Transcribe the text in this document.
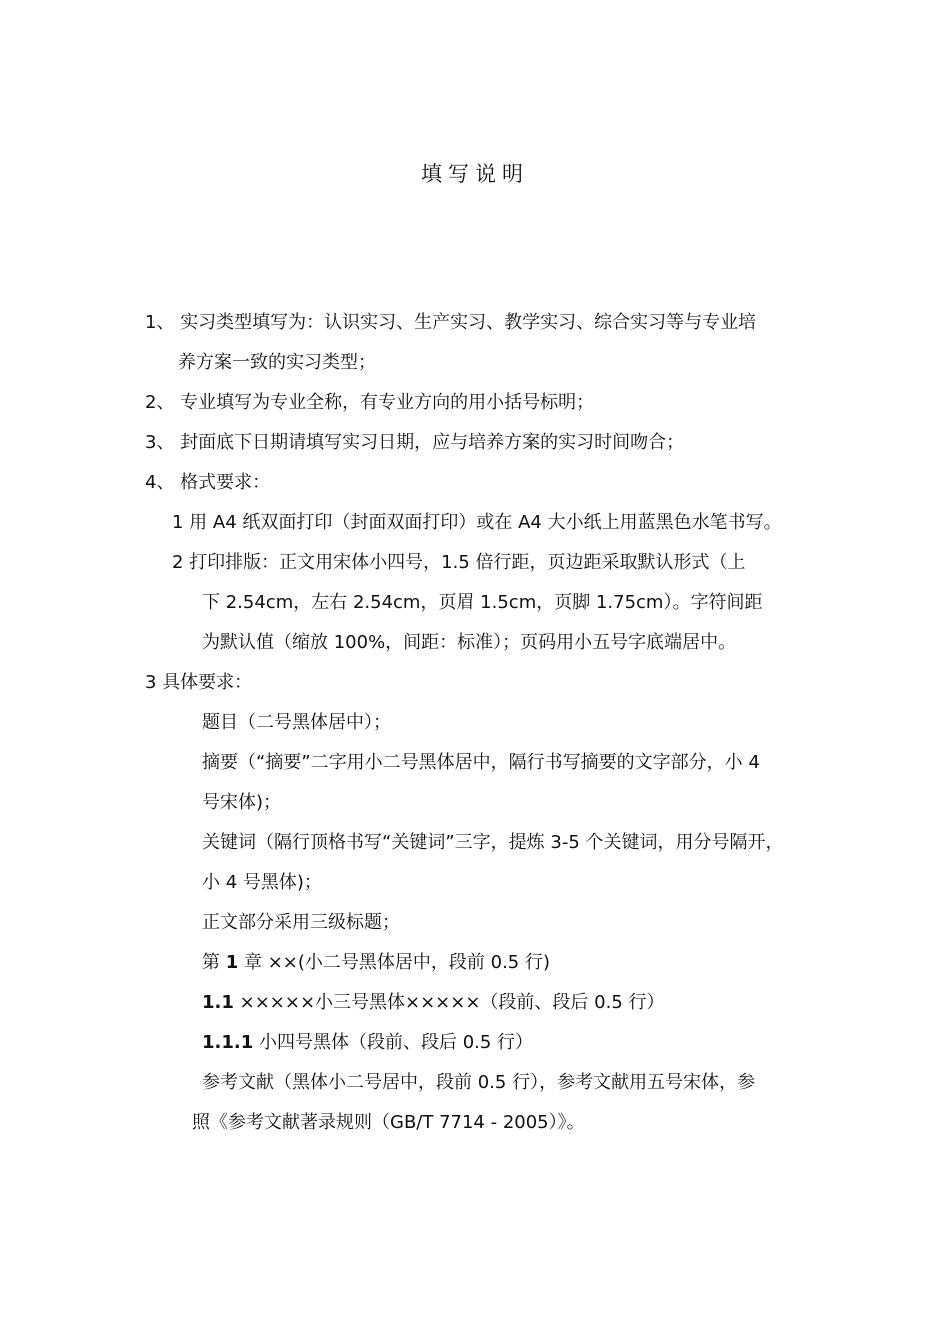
填写说明
1、 实习类型填写为：认识实习、生产实习、教学实习、综合实习等与专业培
养方案一致的实习类型；
2、 专业填写为专业全称，有专业方向的用小括号标明；
3、 封面底下日期请填写实习日期，应与培养方案的实习时间吻合；
4、 格式要求：
1 用 A4 纸双面打印（封面双面打印）或在 A4 大小纸上用蓝黑色水笔书写。
2 打印排版：正文用宋体小四号，1.5 倍行距，页边距采取默认形式（上
下 2.54cm，左右 2.54cm，页眉 1.5cm，页脚 1.75cm）。字符间距
为默认值（缩放 100%，间距：标准）；页码用小五号字底端居中。
3 具体要求：
题目（二号黑体居中）；
摘要（“摘要”二字用小二号黑体居中，隔行书写摘要的文字部分，小 4
号宋体)；
关键词（隔行顶格书写“关键词”三字，提炼 3-5 个关键词，用分号隔开，
小 4 号黑体)；
正文部分采用三级标题；
第 1 章 ××(小二号黑体居中，段前 0.5 行)
1.1 ×××××小三号黑体×××××（段前、段后 0.5 行）
1.1.1 小四号黑体（段前、段后 0.5 行）
参考文献（黑体小二号居中，段前 0.5 行），参考文献用五号宋体，参
照《参考文献著录规则（GB/T 7714 - 2005）》。
